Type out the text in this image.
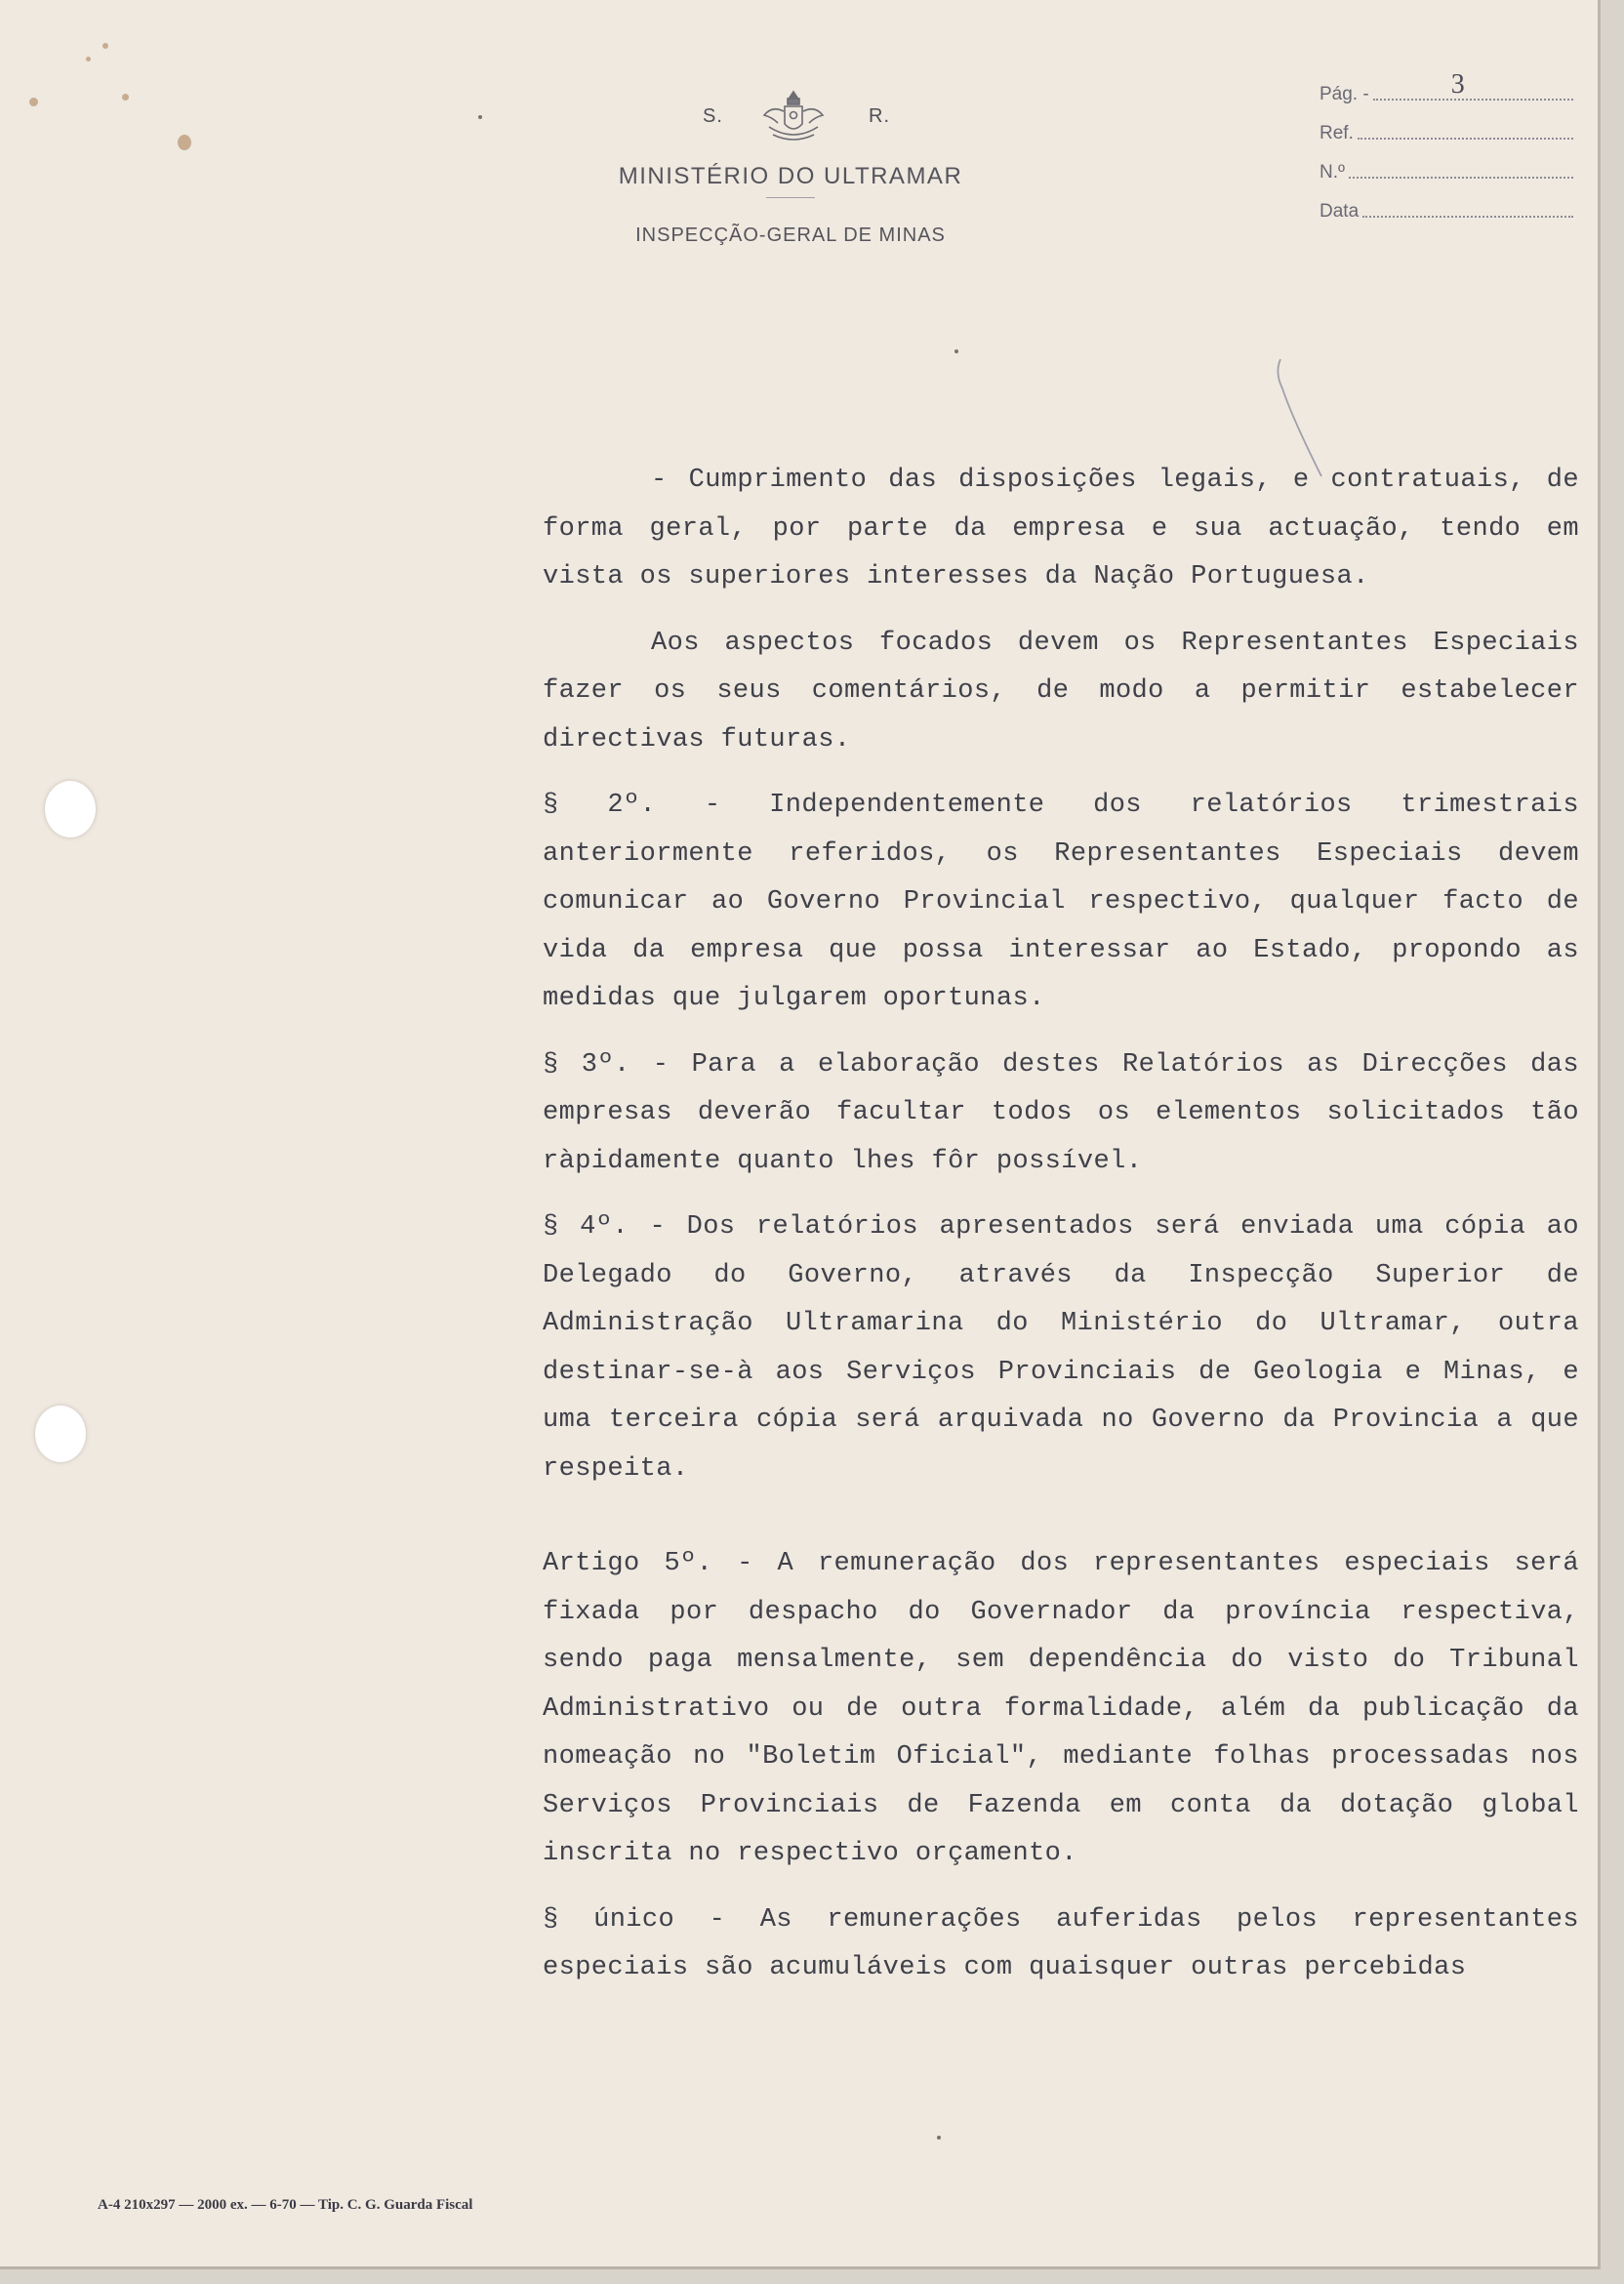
S.	R.
MINISTÉRIO DO ULTRAMAR
INSPECÇÃO-GERAL DE MINAS
Pág. -	3
Ref.
N.º
Data

- Cumprimento das disposições legais, e contratuais, de forma geral, por parte da empresa e sua actuação, tendo em vista os superiores interesses da Nação Portuguesa.

Aos aspectos focados devem os Representantes Especiais fazer os seus comentários, de modo a permitir estabelecer directivas futuras.

§ 2º. - Independentemente dos relatórios trimestrais anteriormente referidos, os Representantes Especiais devem comunicar ao Governo Provincial respectivo, qualquer facto de vida da empresa que possa interessar ao Estado, propondo as medidas que julgarem oportunas.

§ 3º. - Para a elaboração destes Relatórios as Direcções das empresas deverão facultar todos os elementos solicitados tão ràpidamente quanto lhes fôr possível.

§ 4º. - Dos relatórios apresentados será enviada uma cópia ao Delegado do Governo, através da Inspecção Superior de Administração Ultramarina do Ministério do Ultramar, outra destinar-se-à aos Serviços Provinciais de Geologia e Minas, e uma terceira cópia será arquivada no Governo da Provincia a que respeita.

Artigo 5º. - A remuneração dos representantes especiais será fixada por despacho do Governador da província respectiva, sendo paga mensalmente, sem dependência do visto do Tribunal Administrativo ou de outra formalidade, além da publicação da nomeação no "Boletim Oficial", mediante folhas processadas nos Serviços Provinciais de Fazenda em conta da dotação global inscrita no respectivo orçamento.

§ único - As remunerações auferidas pelos representantes especiais são acumuláveis com quaisquer outras percebidas

A-4 210x297 — 2000 ex. — 6-70 — Tip. C. G. Guarda Fiscal
